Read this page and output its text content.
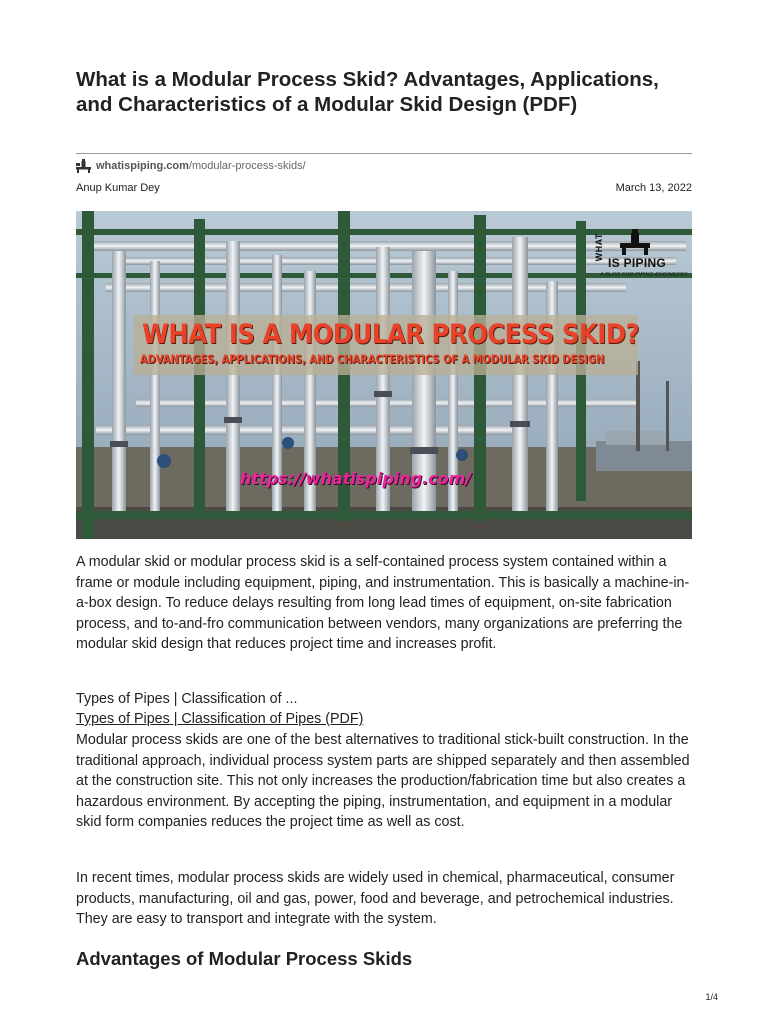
What is a Modular Process Skid? Advantages, Applications, and Characteristics of a Modular Skid Design (PDF)
whatispiping.com /modular-process-skids/
Anup Kumar Dey	March 13, 2022
WHAT
IS PIPING
A BLOG FOR PIPING ENGINEERS
WHAT IS A MODULAR PROCESS SKID?
ADVANTAGES, APPLICATIONS, AND CHARACTERISTICS OF A MODULAR SKID DESIGN
https://whatispiping.com/

A modular skid or modular process skid is a self-contained process system contained within a frame or module including equipment, piping, and instrumentation. This is basically a machine-in-a-box design. To reduce delays resulting from long lead times of equipment, on-site fabrication process, and to-and-fro communication between vendors, many organizations are preferring the modular skid design that reduces project time and increases profit.

Types of Pipes | Classification of ...

Types of Pipes | Classification of Pipes (PDF)

Modular process skids are one of the best alternatives to traditional stick-built construction. In the traditional approach, individual process system parts are shipped separately and then assembled at the construction site. This not only increases the production/fabrication time but also creates a hazardous environment. By accepting the piping, instrumentation, and equipment in a modular skid form companies reduces the project time as well as cost.

In recent times, modular process skids are widely used in chemical, pharmaceutical, consumer products, manufacturing, oil and gas, power, food and beverage, and petrochemical industries. They are easy to transport and integrate with the system.

Advantages of Modular Process Skids
1/4
